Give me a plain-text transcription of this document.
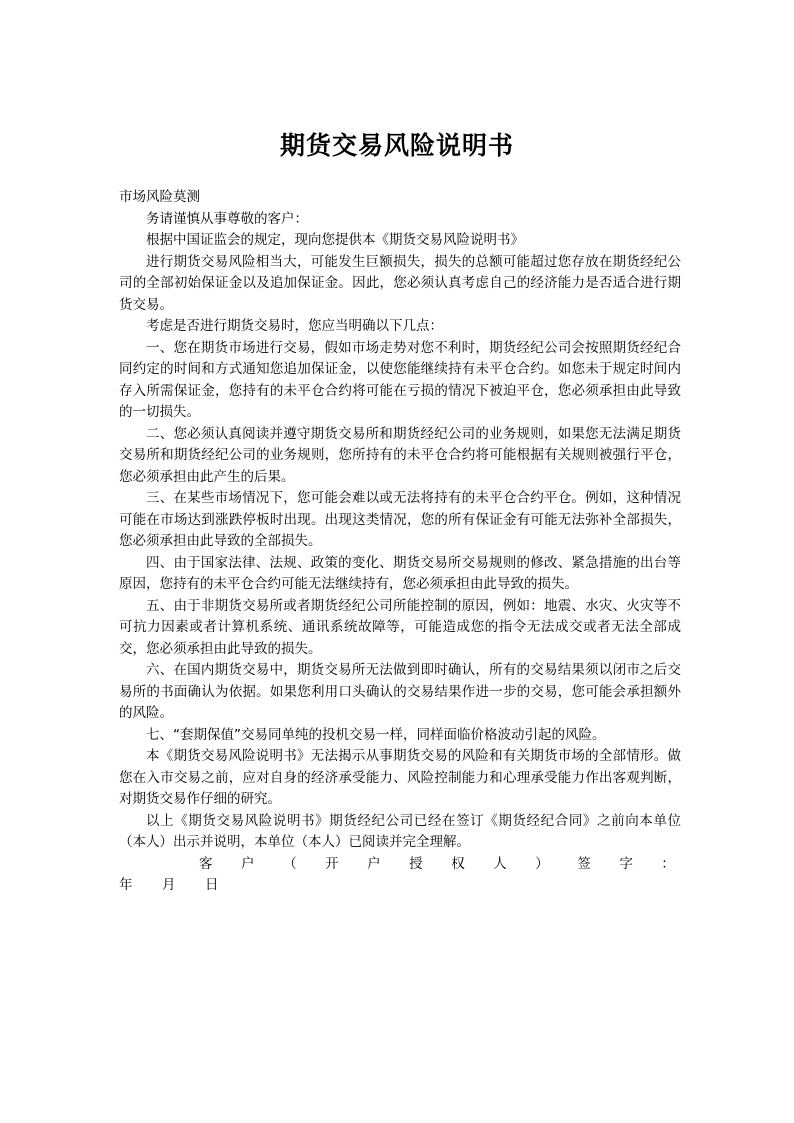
期货交易风险说明书

市场风险莫测

务请谨慎从事尊敬的客户：

根据中国证监会的规定，现向您提供本《期货交易风险说明书》

进行期货交易风险相当大，可能发生巨额损失，损失的总额可能超过您存放在期货经纪公司的全部初始保证金以及追加保证金。因此，您必须认真考虑自己的经济能力是否适合进行期货交易。

考虑是否进行期货交易时，您应当明确以下几点：

一、您在期货市场进行交易，假如市场走势对您不利时，期货经纪公司会按照期货经纪合同约定的时间和方式通知您追加保证金，以使您能继续持有未平仓合约。如您未于规定时间内存入所需保证金，您持有的未平仓合约将可能在亏损的情况下被迫平仓，您必须承担由此导致的一切损失。

二、您必须认真阅读并遵守期货交易所和期货经纪公司的业务规则，如果您无法满足期货交易所和期货经纪公司的业务规则，您所持有的未平仓合约将可能根据有关规则被强行平仓，您必须承担由此产生的后果。

三、在某些市场情况下，您可能会难以或无法将持有的未平仓合约平仓。例如，这种情况可能在市场达到涨跌停板时出现。出现这类情况，您的所有保证金有可能无法弥补全部损失，您必须承担由此导致的全部损失。

四、由于国家法律、法规、政策的变化、期货交易所交易规则的修改、紧急措施的出台等原因，您持有的未平仓合约可能无法继续持有，您必须承担由此导致的损失。

五、由于非期货交易所或者期货经纪公司所能控制的原因，例如：地震、水灾、火灾等不可抗力因素或者计算机系统、通讯系统故障等，可能造成您的指令无法成交或者无法全部成交，您必须承担由此导致的损失。

六、在国内期货交易中，期货交易所无法做到即时确认，所有的交易结果须以闭市之后交易所的书面确认为依据。如果您利用口头确认的交易结果作进一步的交易，您可能会承担额外的风险。

七、“套期保值”交易同单纯的投机交易一样，同样面临价格波动引起的风险。

本《期货交易风险说明书》无法揭示从事期货交易的风险和有关期货市场的全部情形。做您在入市交易之前，应对自身的经济承受能力、风险控制能力和心理承受能力作出客观判断，对期货交易作仔细的研究。

以上《期货交易风险说明书》期货经纪公司已经在签订《期货经纪合同》之前向本单位（本人）出示并说明，本单位（本人）已阅读并完全理解。

客 户 （ 开 户 授 权 人 ） 签 字 ：
年	月	日
